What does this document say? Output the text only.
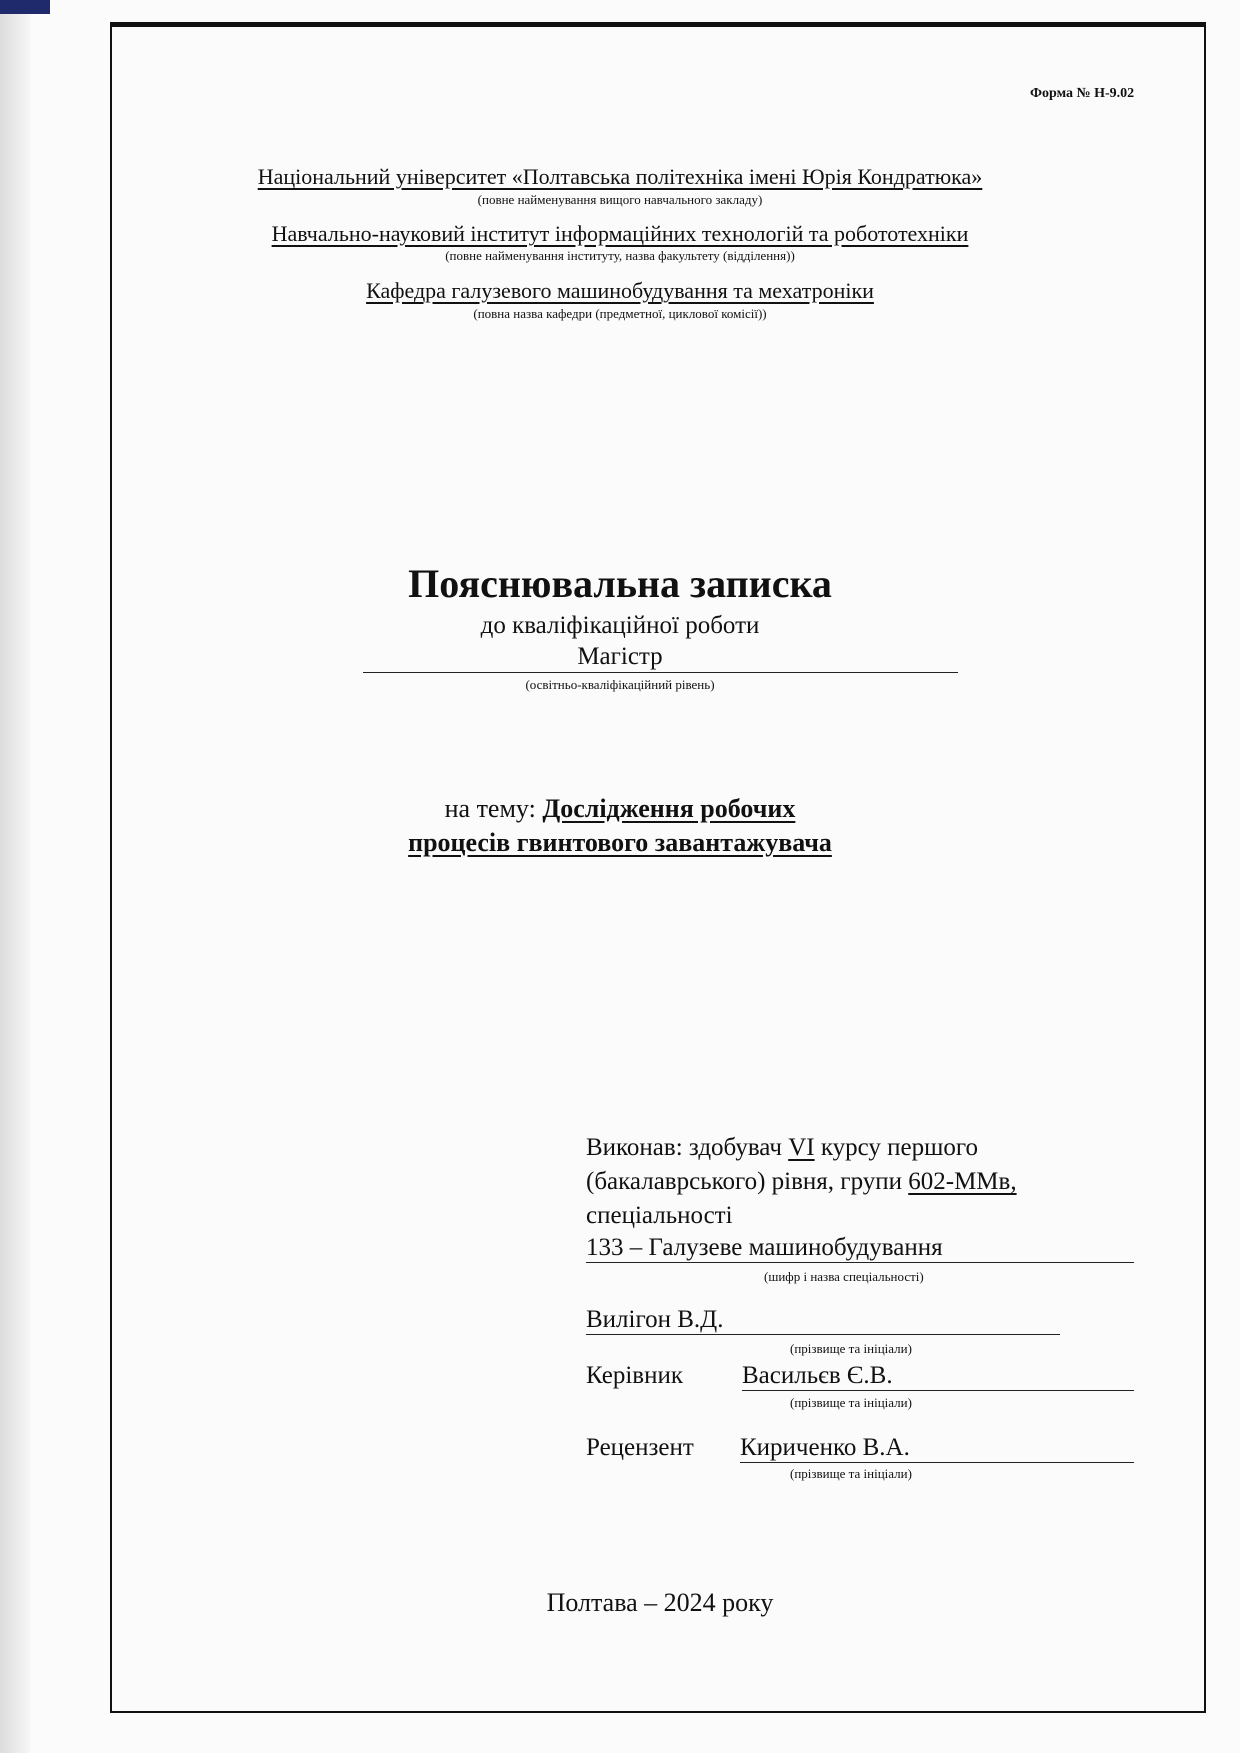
Форма № Н-9.02
Національний університет «Полтавська політехніка імені Юрія Кондратюка»
(повне найменування вищого навчального закладу)
Навчально-науковий інститут інформаційних технологій та робототехніки
(повне найменування інституту, назва факультету (відділення))
Кафедра галузевого машинобудування та мехатроніки
(повна назва кафедри (предметної, циклової комісії))
Пояснювальна записка
до кваліфікаційної роботи
Магістр
(освітньо-кваліфікаційний рівень)
на тему: Дослідження робочих
процесів гвинтового завантажувача
Виконав: здобувач VI курсу першого
(бакалаврського) рівня, групи 602-ММв,
спеціальності
133 – Галузеве машинобудування
(шифр і назва спеціальності)
Вилігон В.Д.
(прізвище та ініціали)
Керівник Васильєв Є.В.
(прізвище та ініціали)
Рецензент Кириченко В.А.
(прізвище та ініціали)
Полтава – 2024 року
